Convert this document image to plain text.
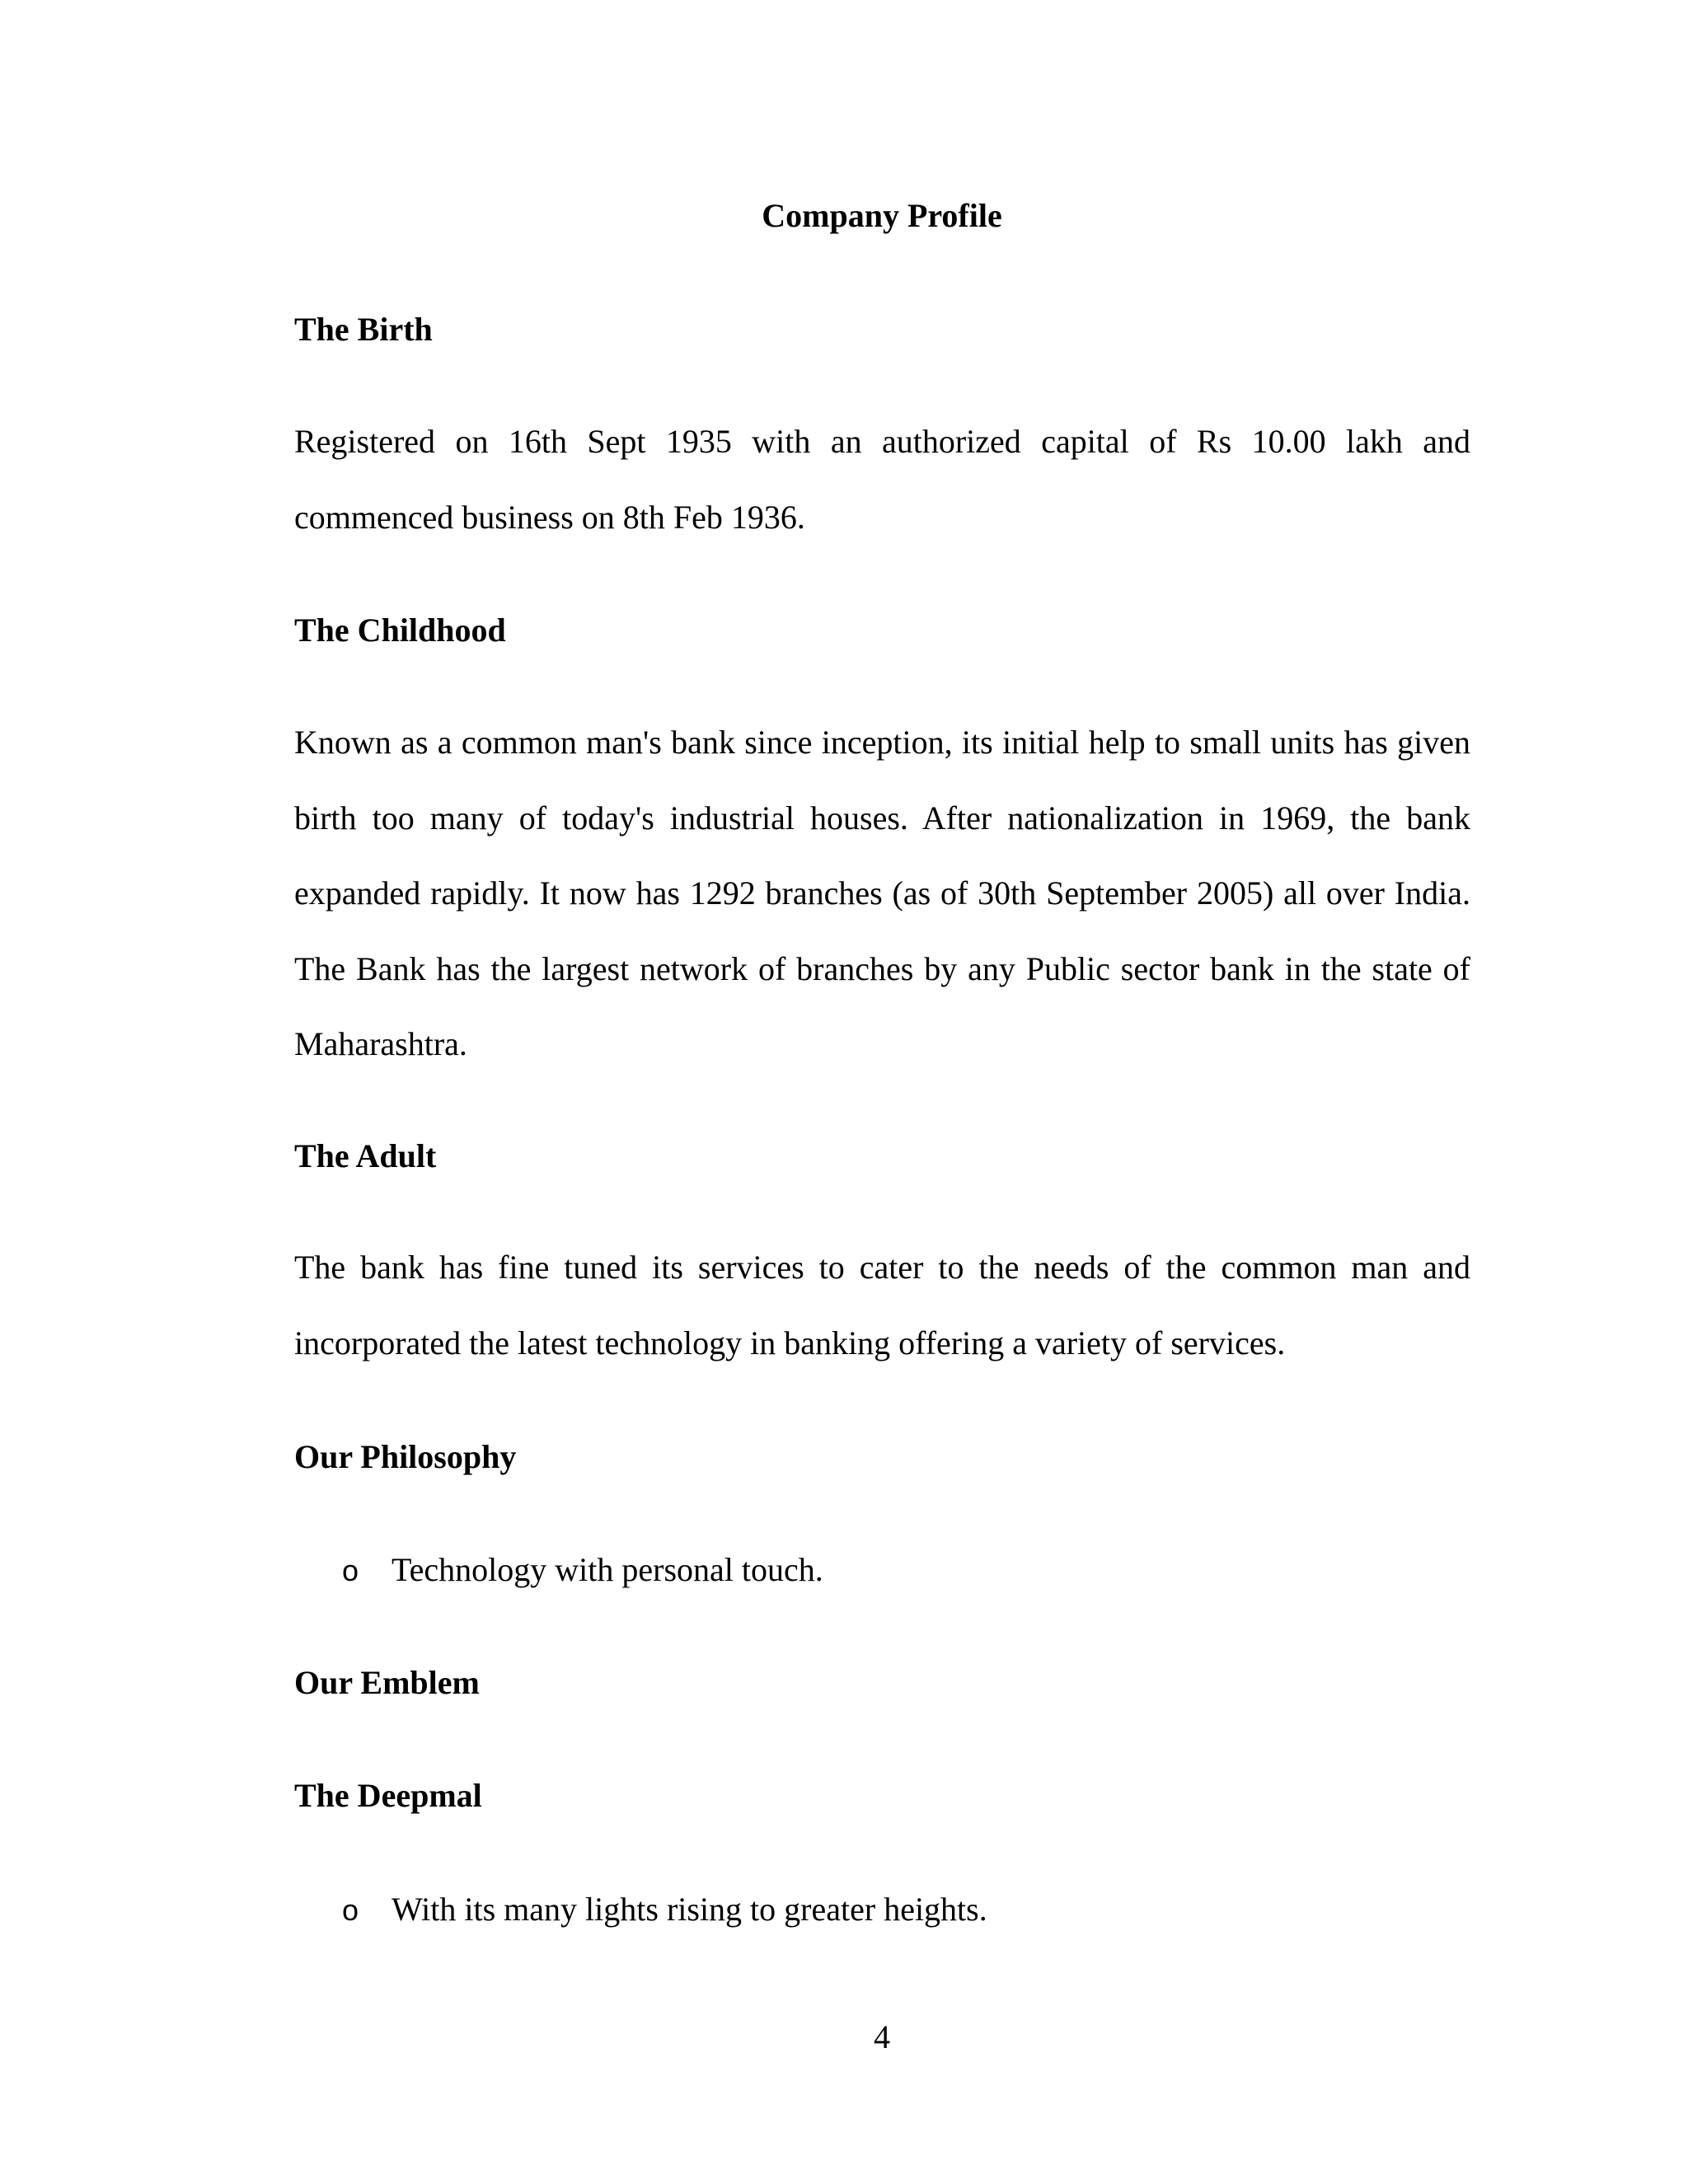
Company Profile
The Birth
Registered on 16th Sept 1935 with an authorized capital of Rs 10.00 lakh and
commenced business on 8th Feb 1936.
The Childhood
Known as a common man's bank since inception, its initial help to small units has given
birth too many of today's industrial houses. After nationalization in 1969, the bank
expanded rapidly. It now has 1292 branches (as of 30th September 2005) all over India.
The Bank has the largest network of branches by any Public sector bank in the state of
Maharashtra.
The Adult
The bank has fine tuned its services to cater to the needs of the common man and
incorporated the latest technology in banking offering a variety of services.
Our Philosophy
o Technology with personal touch.
Our Emblem
The Deepmal
o With its many lights rising to greater heights.
4
